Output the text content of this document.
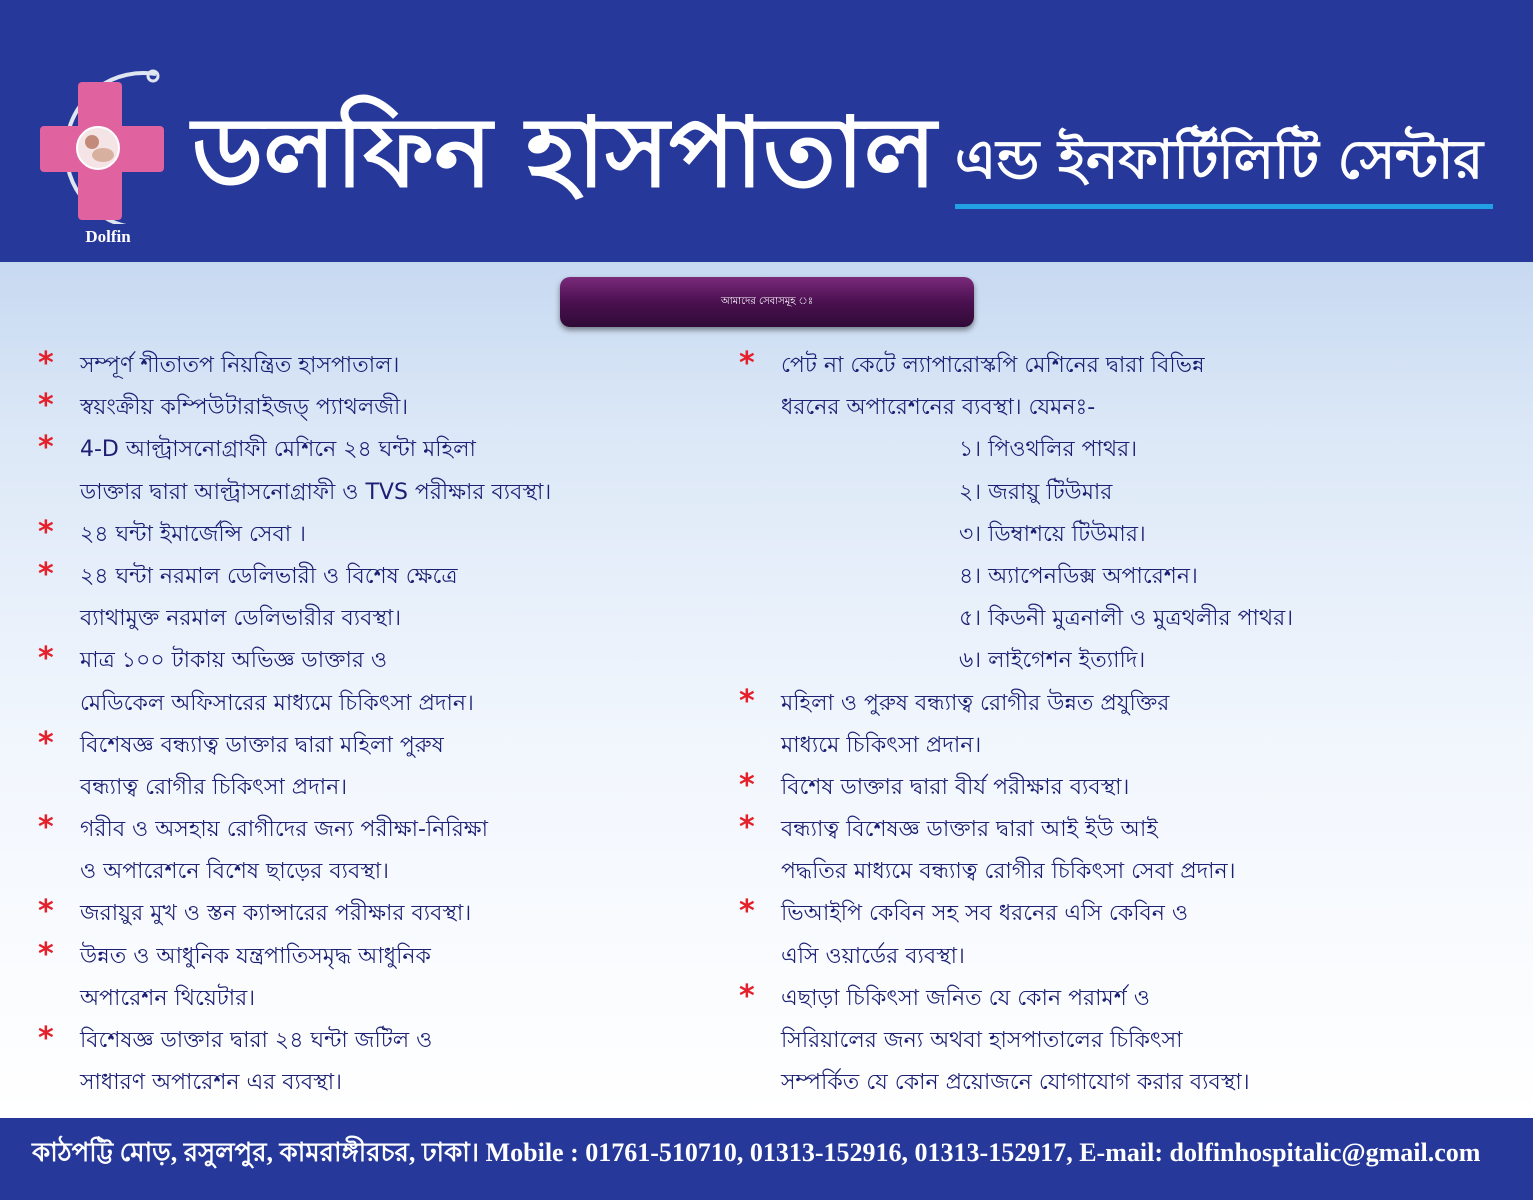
Dolfin
ডলফিন হাসপাতাল এন্ড ইনফার্টিলিটি সেন্টার
আমাদের সেবাসমূহ ঃ
* সম্পূর্ণ শীতাতপ নিয়ন্ত্রিত হাসপাতাল।
* স্বয়ংক্রীয় কম্পিউটারাইজড্ প্যাথলজী।
* 4-D আল্ট্রাসনোগ্রাফী মেশিনে ২৪ ঘন্টা মহিলা
ডাক্তার দ্বারা আল্ট্রাসনোগ্রাফী ও TVS পরীক্ষার ব্যবস্থা।
* ২৪ ঘন্টা ইমার্জেন্সি সেবা ।
* ২৪ ঘন্টা নরমাল ডেলিভারী ও বিশেষ ক্ষেত্রে
ব্যাথামুক্ত নরমাল ডেলিভারীর ব্যবস্থা।
* মাত্র ১০০ টাকায় অভিজ্ঞ ডাক্তার ও
মেডিকেল অফিসারের মাধ্যমে চিকিৎসা প্রদান।
* বিশেষজ্ঞ বন্ধ্যাত্ব ডাক্তার দ্বারা মহিলা পুরুষ
বন্ধ্যাত্ব রোগীর চিকিৎসা প্রদান।
* গরীব ও অসহায় রোগীদের জন্য পরীক্ষা-নিরিক্ষা
ও অপারেশনে বিশেষ ছাড়ের ব্যবস্থা।
* জরায়ুর মুখ ও স্তন ক্যান্সারের পরীক্ষার ব্যবস্থা।
* উন্নত ও আধুনিক যন্ত্রপাতিসমৃদ্ধ আধুনিক
অপারেশন থিয়েটার।
* বিশেষজ্ঞ ডাক্তার দ্বারা ২৪ ঘন্টা জটিল ও
সাধারণ অপারেশন এর ব্যবস্থা।
* পেট না কেটে ল্যাপারোস্কপি মেশিনের দ্বারা বিভিন্ন
ধরনের অপারেশনের ব্যবস্থা। যেমনঃ-
১। পিওথলির পাথর।
২। জরায়ু টিউমার
৩। ডিম্বাশয়ে টিউমার।
৪। অ্যাপেনডিক্স অপারেশন।
৫। কিডনী মুত্রনালী ও মুত্রথলীর পাথর।
৬। লাইগেশন ইত্যাদি।
* মহিলা ও পুরুষ বন্ধ্যাত্ব রোগীর উন্নত প্রযুক্তির
মাধ্যমে চিকিৎসা প্রদান।
* বিশেষ ডাক্তার দ্বারা বীর্য পরীক্ষার ব্যবস্থা।
* বন্ধ্যাত্ব বিশেষজ্ঞ ডাক্তার দ্বারা আই ইউ আই
পদ্ধতির মাধ্যমে বন্ধ্যাত্ব রোগীর চিকিৎসা সেবা প্রদান।
* ভিআইপি কেবিন সহ সব ধরনের এসি কেবিন ও
এসি ওয়ার্ডের ব্যবস্থা।
* এছাড়া চিকিৎসা জনিত যে কোন পরামর্শ ও
সিরিয়ালের জন্য অথবা হাসপাতালের চিকিৎসা
সম্পর্কিত যে কোন প্রয়োজনে যোগাযোগ করার ব্যবস্থা।
কাঠপট্টি মোড়, রসুলপুর, কামরাঙ্গীরচর, ঢাকা। Mobile : 01761-510710, 01313-152916, 01313-152917, E-mail: dolfinhospitalic@gmail.com
